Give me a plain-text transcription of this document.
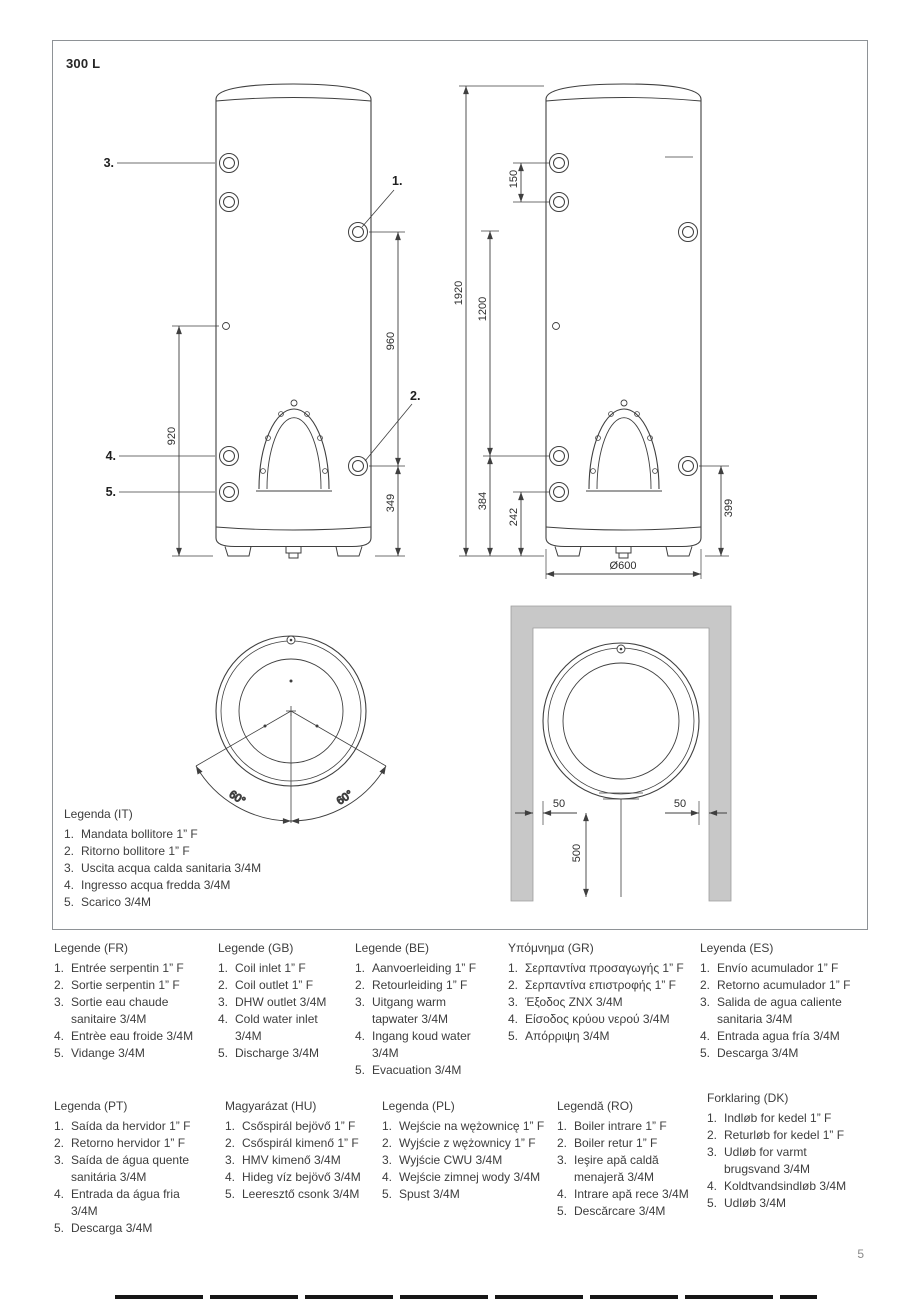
300 L
3.
4.
5.
1.
2.
960
349
920
1920
1200
150
384
242	399
Ø600
60°	60°	50	50
500
Legenda (IT)
1. Mandata bollitore 1” F
2. Ritorno bollitore 1” F
3. Uscita acqua calda sanitaria 3/4M
4. Ingresso acqua fredda 3/4M
5. Scarico 3/4M
Legende (FR)
1. Entrée serpentin 1” F
2. Sortie serpentin 1” F
3. Sortie eau chaude sanitaire 3/4M
4. Entrèe eau froide 3/4M
5. Vidange 3/4M
Legende (GB)
1. Coil inlet 1” F
2. Coil outlet 1” F
3. DHW outlet 3/4M
4. Cold water inlet 3/4M
5. Discharge 3/4M
Legende (BE)
1. Aanvoerleiding 1” F
2. Retourleiding 1” F
3. Uitgang warm tapwater 3/4M
4. Ingang koud water 3/4M
5. Evacuation 3/4M
Υπόμνημα (GR)
1. Σερπαντίνα προσαγωγής 1” F
2. Σερπαντίνα επιστροφής 1” F
3. Έξοδος ZNX 3/4M
4. Είσοδος κρύου νερού 3/4M
5. Απόρριψη 3/4M
Leyenda (ES)
1. Envío acumulador 1” F
2. Retorno acumulador 1” F
3. Salida de agua caliente sanitaria 3/4M
4. Entrada agua fría 3/4M
5. Descarga 3/4M
Legenda (PT)
1. Saída da hervidor 1” F
2. Retorno hervidor 1” F
3. Saída de água quente sanitária 3/4M
4. Entrada da água fria 3/4M
5. Descarga 3/4M
Magyarázat (HU)
1. Csőspirál bejövő 1” F
2. Csőspirál kimenő 1” F
3. HMV kimenő 3/4M
4. Hideg víz bejövő 3/4M
5. Leeresztő csonk 3/4M
Legenda (PL)
1. Wejście na wężownicę 1” F
2. Wyjście z wężownicy 1” F
3. Wyjście CWU 3/4M
4. Wejście zimnej wody 3/4M
5. Spust 3/4M
Legendă (RO)
1. Boiler intrare 1” F
2. Boiler retur 1” F
3. Ieşire apă caldă menajeră 3/4M
4. Intrare apă rece 3/4M
5. Descărcare 3/4M
Forklaring (DK)
1. Indløb for kedel 1” F
2. Returløb for kedel 1” F
3. Udløb for varmt brugsvand 3/4M
4. Koldtvandsindløb 3/4M
5. Udløb 3/4M
5
